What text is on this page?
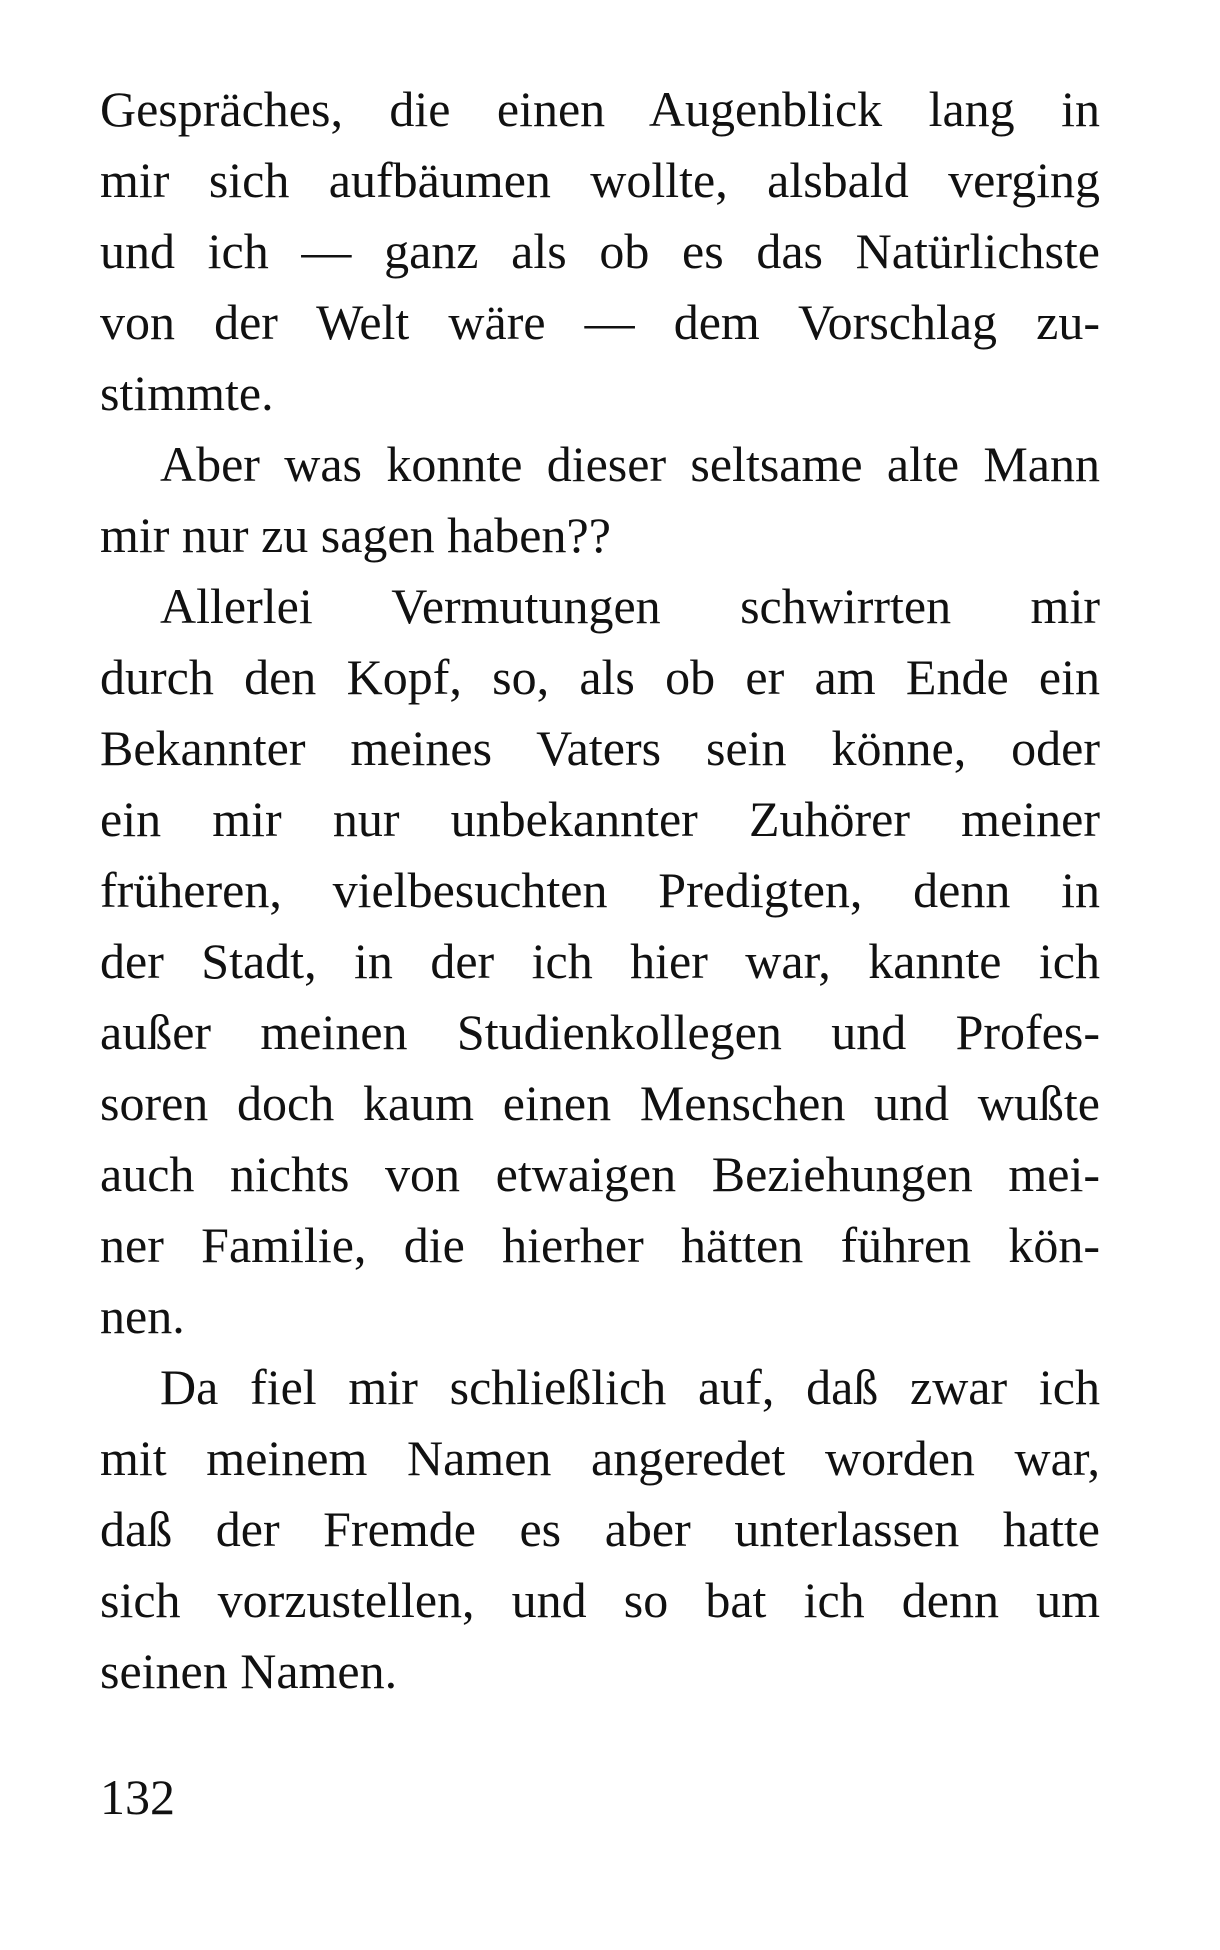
Gespräches, die einen Augenblick lang in
mir sich aufbäumen wollte, alsbald verging
und ich — ganz als ob es das Natürlichste
von der Welt wäre — dem Vorschlag zu-
stimmte.
Aber was konnte dieser seltsame alte Mann
mir nur zu sagen haben??
Allerlei Vermutungen schwirrten mir
durch den Kopf, so, als ob er am Ende ein
Bekannter meines Vaters sein könne, oder
ein mir nur unbekannter Zuhörer meiner
früheren, vielbesuchten Predigten, denn in
der Stadt, in der ich hier war, kannte ich
außer meinen Studienkollegen und Profes-
soren doch kaum einen Menschen und wußte
auch nichts von etwaigen Beziehungen mei-
ner Familie, die hierher hätten führen kön-
nen.
Da fiel mir schließlich auf, daß zwar ich
mit meinem Namen angeredet worden war,
daß der Fremde es aber unterlassen hatte
sich vorzustellen, und so bat ich denn um
seinen Namen.
132
